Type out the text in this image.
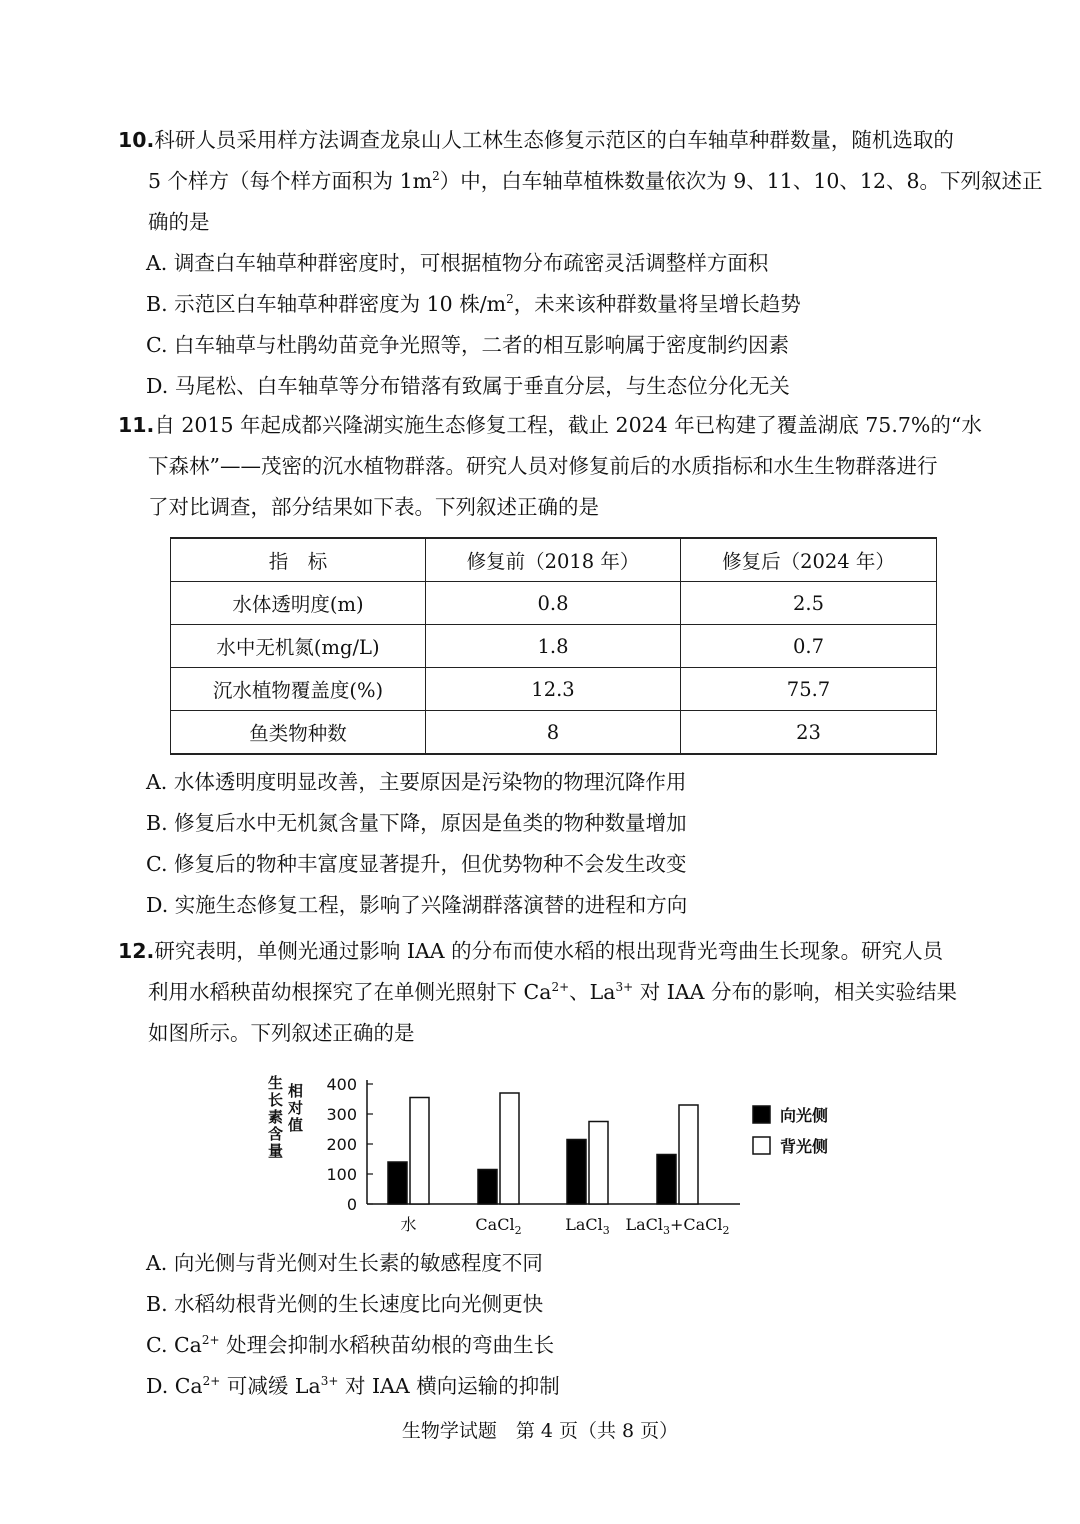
10.科研人员采用样方法调查龙泉山人工林生态修复示范区的白车轴草种群数量，随机选取的
5 个样方（每个样方面积为 $1m^2$）中，白车轴草植株数量依次为 9、11、10、12、8。下列叙述正
确的是
A. 调查白车轴草种群密度时，可根据植物分布疏密灵活调整样方面积
B. 示范区白车轴草种群密度为 10 株$/m^2$，未来该种群数量将呈增长趋势
C. 白车轴草与杜鹃幼苗竞争光照等，二者的相互影响属于密度制约因素
D. 马尾松、白车轴草等分布错落有致属于垂直分层，与生态位分化无关
11.自 2015 年起成都兴隆湖实施生态修复工程，截止 2024 年已构建了覆盖湖底 75.7%的“水
下森林”——茂密的沉水植物群落。研究人员对修复前后的水质指标和水生生物群落进行
了对比调查，部分结果如下表。下列叙述正确的是
指　标	修复前（2018 年）	修复后（2024 年）
水体透明度(m)	0.8	2.5
水中无机氮(mg/L)	1.8	0.7
沉水植物覆盖度(%)	12.3	75.7
鱼类物种数	8	23
A. 水体透明度明显改善，主要原因是污染物的物理沉降作用
B. 修复后水中无机氮含量下降，原因是鱼类的物种数量增加
C. 修复后的物种丰富度显著提升，但优势物种不会发生改变
D. 实施生态修复工程，影响了兴隆湖群落演替的进程和方向
12.研究表明，单侧光通过影响 IAA 的分布而使水稻的根出现背光弯曲生长现象。研究人员
利用水稻秧苗幼根探究了在单侧光照射下 $Ca^{2+}$、$La^{3+}$ 对 IAA 分布的影响，相关实验结果
如图所示。下列叙述正确的是
0
100
200
300
400
生长素含量
相对值
水	CaCl$_2$	LaCl$_3$ LaCl$_3$+CaCl$_2$
向光侧
背光侧
A. 向光侧与背光侧对生长素的敏感程度不同
B. 水稻幼根背光侧的生长速度比向光侧更快
C. $Ca^{2+}$ 处理会抑制水稻秧苗幼根的弯曲生长
D. $Ca^{2+}$ 可减缓 $La^{3+}$ 对 IAA 横向运输的抑制
生物学试题　第 4 页（共 8 页）
